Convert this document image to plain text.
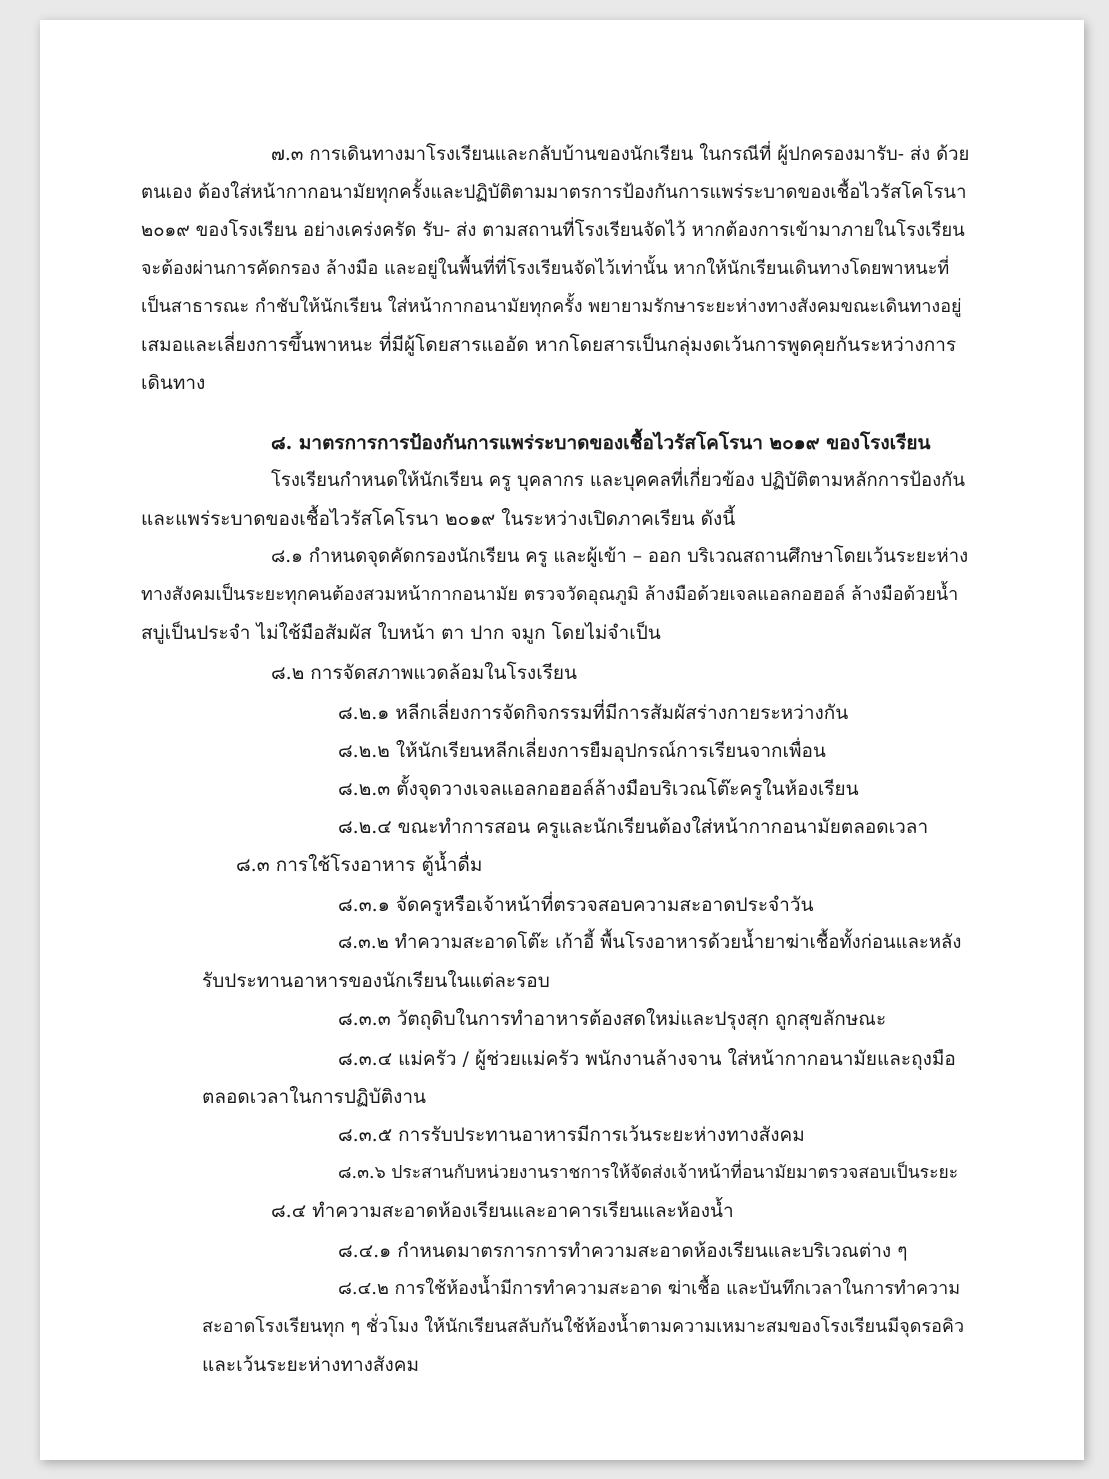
๗.๓ การเดินทางมาโรงเรียนและกลับบ้านของนักเรียน ในกรณีที่ ผู้ปกครองมารับ- ส่ง ด้วย

ตนเอง ต้องใส่หน้ากากอนามัยทุกครั้งและปฏิบัติตามมาตรการป้องกันการแพร่ระบาดของเชื้อไวรัสโคโรนา

๒๐๑๙ ของโรงเรียน อย่างเคร่งครัด รับ- ส่ง ตามสถานที่โรงเรียนจัดไว้ หากต้องการเข้ามาภายในโรงเรียน

จะต้องผ่านการคัดกรอง ล้างมือ และอยู่ในพื้นที่ที่โรงเรียนจัดไว้เท่านั้น หากให้นักเรียนเดินทางโดยพาหนะที่

เป็นสาธารณะ กำชับให้นักเรียน ใส่หน้ากากอนามัยทุกครั้ง พยายามรักษาระยะห่างทางสังคมขณะเดินทางอยู่

เสมอและเลี่ยงการขึ้นพาหนะ ที่มีผู้โดยสารแออัด หากโดยสารเป็นกลุ่มงดเว้นการพูดคุยกันระหว่างการ

เดินทาง

๘. มาตรการการป้องกันการแพร่ระบาดของเชื้อไวรัสโคโรนา ๒๐๑๙ ของโรงเรียน

โรงเรียนกำหนดให้นักเรียน ครู บุคลากร และบุคคลที่เกี่ยวข้อง ปฏิบัติตามหลักการป้องกัน

และแพร่ระบาดของเชื้อไวรัสโคโรนา ๒๐๑๙ ในระหว่างเปิดภาคเรียน ดังนี้

๘.๑ กำหนดจุดคัดกรองนักเรียน ครู และผู้เข้า – ออก บริเวณสถานศึกษาโดยเว้นระยะห่าง

ทางสังคมเป็นระยะทุกคนต้องสวมหน้ากากอนามัย ตรวจวัดอุณภูมิ ล้างมือด้วยเจลแอลกอฮอล์ ล้างมือด้วยน้ำ

สบู่เป็นประจำ ไม่ใช้มือสัมผัส ใบหน้า ตา ปาก จมูก โดยไม่จำเป็น

๘.๒ การจัดสภาพแวดล้อมในโรงเรียน

๘.๒.๑ หลีกเลี่ยงการจัดกิจกรรมที่มีการสัมผัสร่างกายระหว่างกัน

๘.๒.๒ ให้นักเรียนหลีกเลี่ยงการยืมอุปกรณ์การเรียนจากเพื่อน

๘.๒.๓ ตั้งจุดวางเจลแอลกอฮอล์ล้างมือบริเวณโต๊ะครูในห้องเรียน

๘.๒.๔ ขณะทำการสอน ครูและนักเรียนต้องใส่หน้ากากอนามัยตลอดเวลา

๘.๓ การใช้โรงอาหาร ตู้น้ำดื่ม

๘.๓.๑ จัดครูหรือเจ้าหน้าที่ตรวจสอบความสะอาดประจำวัน

๘.๓.๒ ทำความสะอาดโต๊ะ เก้าอี้ พื้นโรงอาหารด้วยน้ำยาฆ่าเชื้อทั้งก่อนและหลัง

รับประทานอาหารของนักเรียนในแต่ละรอบ

๘.๓.๓ วัตถุดิบในการทำอาหารต้องสดใหม่และปรุงสุก ถูกสุขลักษณะ

๘.๓.๔ แม่ครัว / ผู้ช่วยแม่ครัว พนักงานล้างจาน ใส่หน้ากากอนามัยและถุงมือ

ตลอดเวลาในการปฏิบัติงาน

๘.๓.๕ การรับประทานอาหารมีการเว้นระยะห่างทางสังคม

๘.๓.๖ ประสานกับหน่วยงานราชการให้จัดส่งเจ้าหน้าที่อนามัยมาตรวจสอบเป็นระยะ

๘.๔ ทำความสะอาดห้องเรียนและอาคารเรียนและห้องน้ำ

๘.๔.๑ กำหนดมาตรการการทำความสะอาดห้องเรียนและบริเวณต่าง ๆ

๘.๔.๒ การใช้ห้องน้ำมีการทำความสะอาด ฆ่าเชื้อ และบันทึกเวลาในการทำความ

สะอาดโรงเรียนทุก ๆ ชั่วโมง ให้นักเรียนสลับกันใช้ห้องน้ำตามความเหมาะสมของโรงเรียนมีจุดรอคิว

และเว้นระยะห่างทางสังคม
